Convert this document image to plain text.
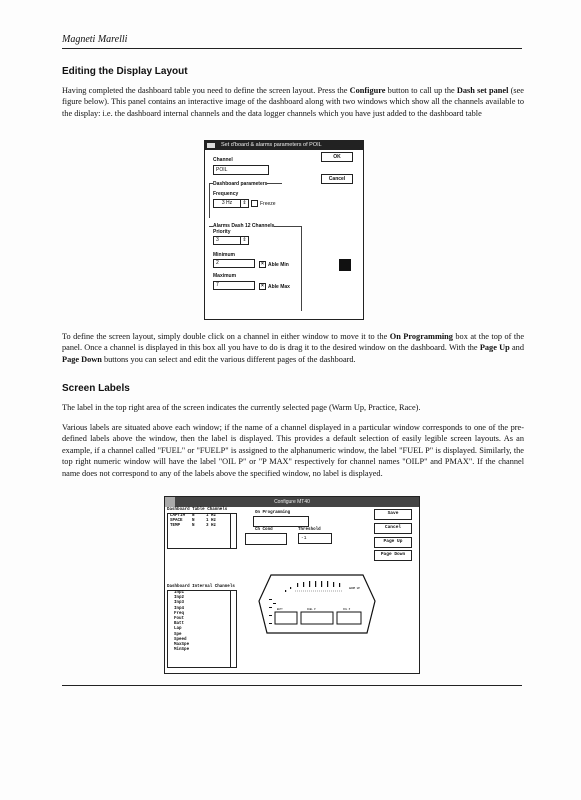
Magneti Marelli
Editing the Display Layout
Having completed the dashboard table you need to define the screen layout. Press the Configure button to call up the Dash set panel (see figure below). This panel contains an interactive image of the dashboard along with two windows which show all the channels available to the display: i.e. the dashboard internal channels and the data logger channels which you have just added to the dashboard table
Set d'board & alarms parameters of POIL
Channel
POIL
OK
Cancel
Dashboard parameters
Frequency
3 Hz	⇕	Freeze
Alarms Dash 12 Channels
Priority
3	⇕
Minimum
2	× Able Min
Maximum
7	× Able Max
To define the screen layout, simply double click on a channel in either window to move it to the On Programming box at the top of the panel. Once a channel is displayed in this box all you have to do is drag it to the desired window on the dashboard. With the Page Up and Page Down buttons you can select and edit the various different pages of the dashboard.
Screen Labels
The label in the top right area of the screen indicates the currently selected page (Warm Up, Practice, Race).
Various labels are situated above each window; if the name of a channel displayed in a particular window corresponds to one of the pre-defined labels above the window, then the label is displayed. This provides a default selection of easily legible screen layouts. As an example, if a channel called "FUEL" or "FUELP" is assigned to the alphanumeric window, the label "FUEL P" is displayed. Similarly, the top right numeric window will have the label "OIL P" or "P MAX" respectively for channel names "OILP" and PMAX". If the channel name does not correspond to any of the labels above the specified window, no label is displayed.
Configure MT40
Dashboard Table Channels
LAPTIM N	1 Hz
SPACE N	1 Hz
TEMP	N	3 Hz
Dashboard Internal Channels
Inp1
Inp2
Inp3
Inp4
Freq
Fout
Batt
Lap
Spe
Speed
MaxSpe
MinSpe
On Programming
Ch Cond	Threshold
-1
Save
Cancel
Page Up
Page Down
WARM UP
BATT	FUEL P	OIL P
